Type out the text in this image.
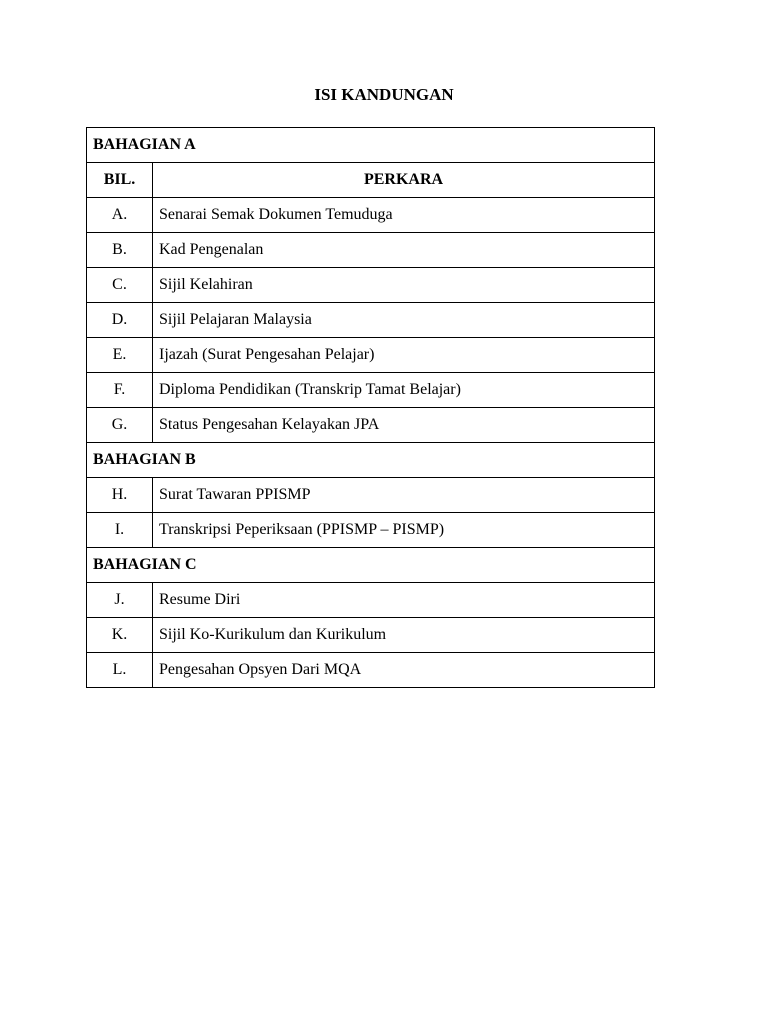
ISI KANDUNGAN
BAHAGIAN A	
BIL.	PERKARA
A.	Senarai Semak Dokumen Temuduga
B.	Kad Pengenalan
C.	Sijil Kelahiran
D.	Sijil Pelajaran Malaysia
E.	Ijazah (Surat Pengesahan Pelajar)
F.	Diploma Pendidikan (Transkrip Tamat Belajar)
G.	Status Pengesahan Kelayakan JPA
BAHAGIAN B	
H.	Surat Tawaran PPISMP
I.	Transkripsi Peperiksaan (PPISMP – PISMP)
BAHAGIAN C	
J.	Resume Diri
K.	Sijil Ko-Kurikulum dan Kurikulum
L.	Pengesahan Opsyen Dari MQA
